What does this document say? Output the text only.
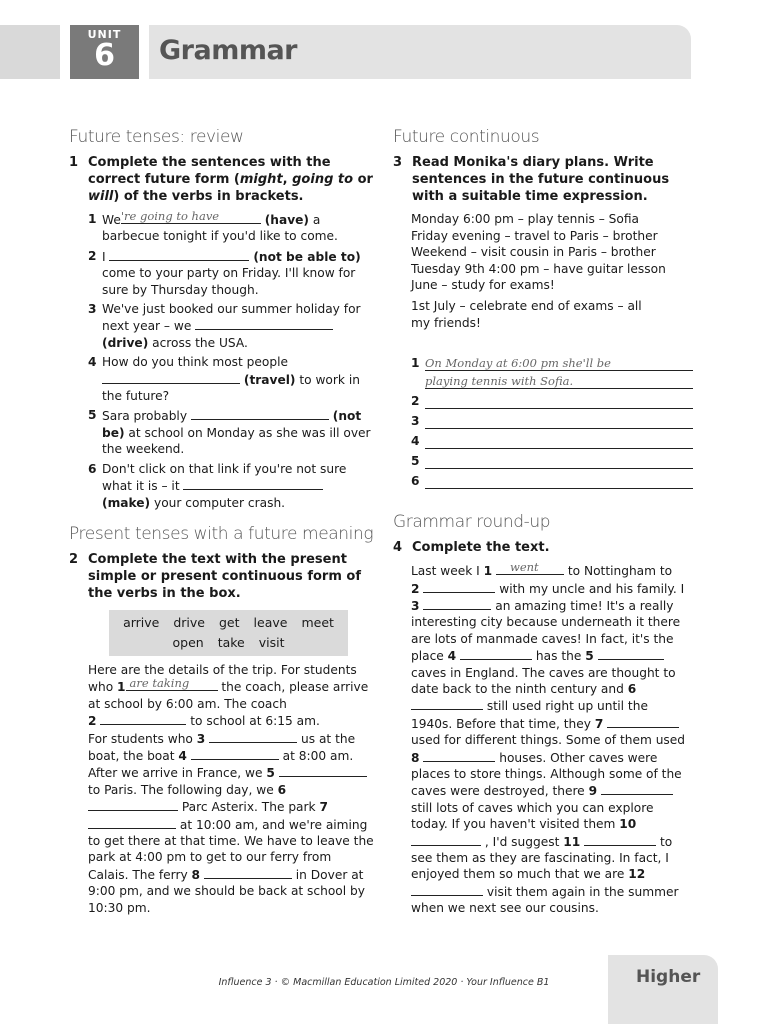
UNIT
6	Grammar
Future tenses: review
1 Complete the sentences with the correct future form (might, going to or will) of the verbs in brackets.
1 We 're going to have	(have) a barbecue tonight if you'd like to come.
2 I	(not be able to) come to your party on Friday. I'll know for sure by Thursday though.
3 We've just booked our summer holiday for next year – we  (drive) across the USA.
4 How do you think most people  (travel) to work in the future?
5 Sara probably	(not be) at school on Monday as she was ill over the weekend.
6 Don't click on that link if you're not sure what it is – it  (make) your computer crash.
Present tenses with a future meaning
2 Complete the text with the present simple or present continuous form of the verbs in the box.
arrive drive get leave meet
open take visit
Here are the details of the trip. For students who 1 are taking the coach, please arrive at school by 6:00 am. The coach
2	to school at 6:15 am.
For students who 3	us at the boat, the boat 4	at 8:00 am.
After we arrive in France, we 5  to Paris. The following day, we 6  Parc Asterix. The park 7  at 10:00 am, and we're aiming to get there at that time. We have to leave the park at 4:00 pm to get to our ferry from Calais. The ferry 8	in Dover at 9:00 pm, and we should be back at school by 10:30 pm.
Future continuous
3 Read Monika's diary plans. Write sentences in the future continuous with a suitable time expression.
Monday 6:00 pm – play tennis – Sofia
Friday evening – travel to Paris – brother
Weekend – visit cousin in Paris – brother
Tuesday 9th 4:00 pm – have guitar lesson
June – study for exams!
1st July – celebrate end of exams – all my friends!
1 On Monday at 6:00 pm she'll be
playing tennis with Sofia.
2
3
4
5
6
Grammar round-up
4 Complete the text.
Last week I 1 went to Nottingham to
2	with my uncle and his family. I 3	an amazing time! It's a really interesting city because underneath it there are lots of manmade caves! In fact, it's the place 4	has the 5  caves in England. The caves are thought to date back to the ninth century and 6  still used right up until the 1940s. Before that time, they 7  used for different things. Some of them used 8	houses. Other caves were places to store things. Although some of the caves were destroyed, there 9  still lots of caves which you can explore today. If you haven't visited them 10  , I'd suggest 11	to see them as they are fascinating. In fact, I enjoyed them so much that we are 12  visit them again in the summer when we next see our cousins.
Influence 3 · © Macmillan Education Limited 2020 · Your Influence B1	Higher
